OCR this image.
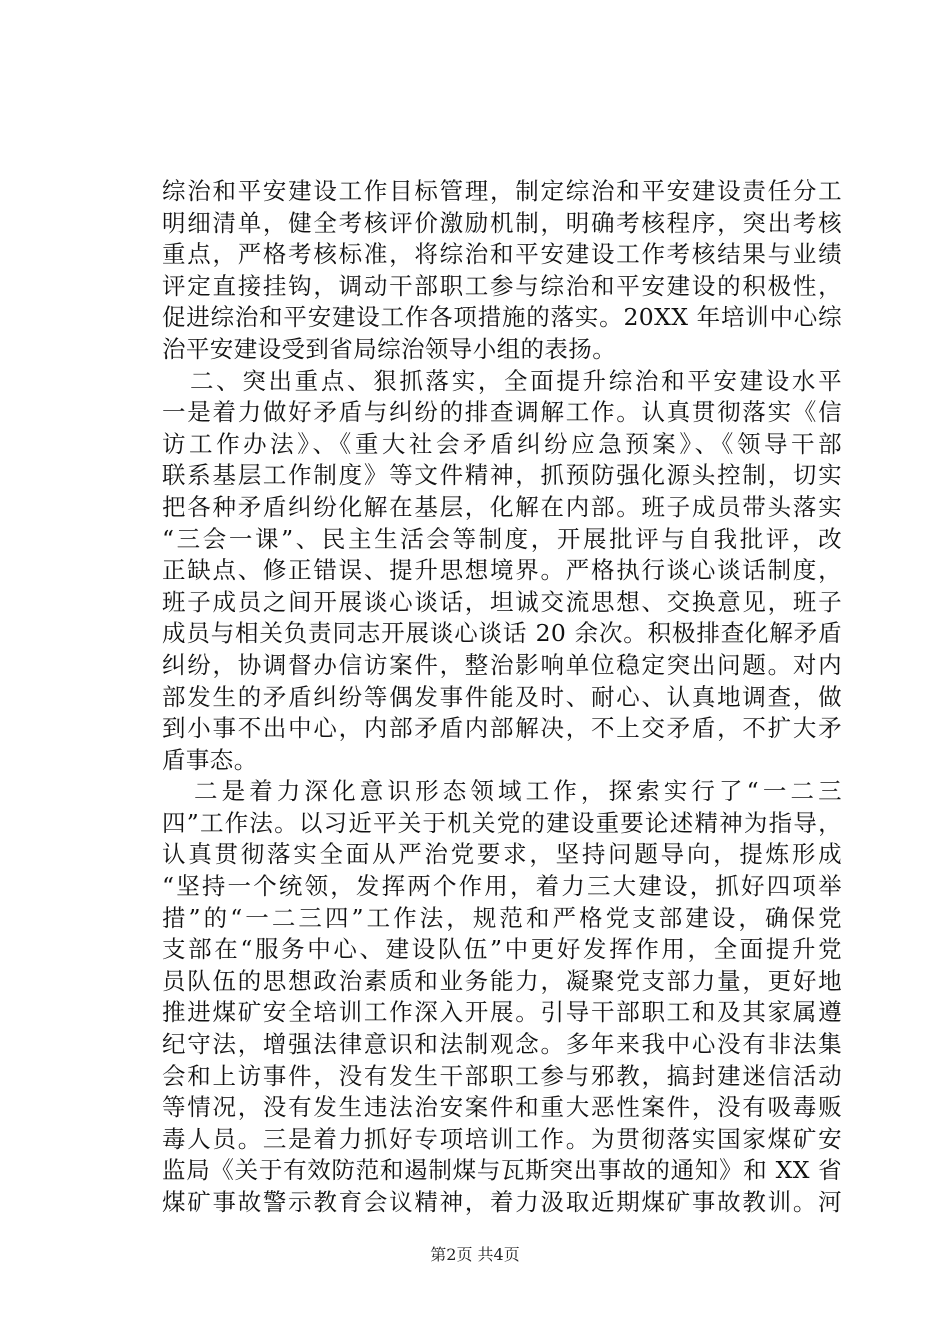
综治和平安建设工作目标管理，制定综治和平安建设责任分工
明细清单，健全考核评价激励机制，明确考核程序，突出考核
重点，严格考核标准，将综治和平安建设工作考核结果与业绩
评定直接挂钩，调动干部职工参与综治和平安建设的积极性，
促进综治和平安建设工作各项措施的落实。20XX 年培训中心综
治平安建设受到省局综治领导小组的表扬。
二、突出重点、狠抓落实，全面提升综治和平安建设水平
一是着力做好矛盾与纠纷的排查调解工作。认真贯彻落实《信
访工作办法》、《重大社会矛盾纠纷应急预案》、《领导干部
联系基层工作制度》等文件精神，抓预防强化源头控制，切实
把各种矛盾纠纷化解在基层，化解在内部。班子成员带头落实
“三会一课”、民主生活会等制度，开展批评与自我批评，改
正缺点、修正错误、提升思想境界。严格执行谈心谈话制度，
班子成员之间开展谈心谈话，坦诚交流思想、交换意见，班子
成员与相关负责同志开展谈心谈话 20 余次。积极排查化解矛盾
纠纷，协调督办信访案件，整治影响单位稳定突出问题。对内
部发生的矛盾纠纷等偶发事件能及时、耐心、认真地调查，做
到小事不出中心，内部矛盾内部解决，不上交矛盾，不扩大矛
盾事态。
二是着力深化意识形态领域工作，探索实行了“一二三
四”工作法。以习近平关于机关党的建设重要论述精神为指导，
认真贯彻落实全面从严治党要求，坚持问题导向，提炼形成
“坚持一个统领，发挥两个作用，着力三大建设，抓好四项举
措”的“一二三四”工作法，规范和严格党支部建设，确保党
支部在“服务中心、建设队伍”中更好发挥作用，全面提升党
员队伍的思想政治素质和业务能力，凝聚党支部力量，更好地
推进煤矿安全培训工作深入开展。引导干部职工和及其家属遵
纪守法，增强法律意识和法制观念。多年来我中心没有非法集
会和上访事件，没有发生干部职工参与邪教，搞封建迷信活动
等情况，没有发生违法治安案件和重大恶性案件，没有吸毒贩
毒人员。三是着力抓好专项培训工作。为贯彻落实国家煤矿安
监局《关于有效防范和遏制煤与瓦斯突出事故的通知》和 XX 省
煤矿事故警示教育会议精神，着力汲取近期煤矿事故教训。河
第2页 共4页
